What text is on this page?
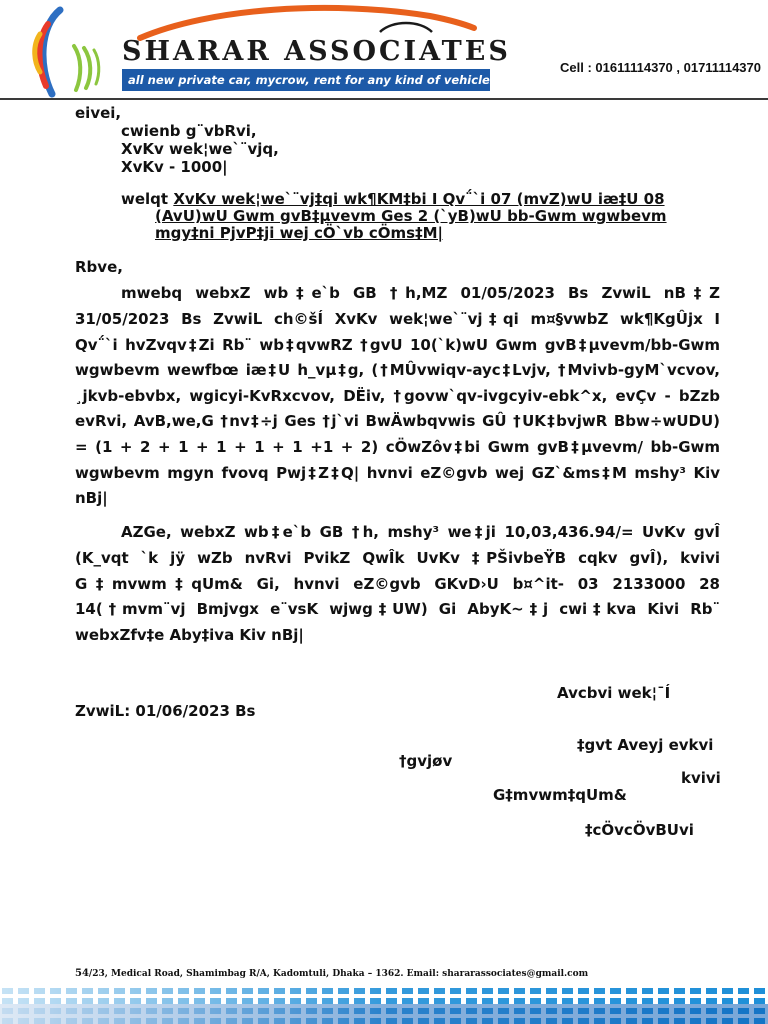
SHARAR ASSOCIATES
all new private car, mycrow, rent for any kind of vehicles available
Cell : 01611114370 , 01711114370
eivei,
cwienb g¨vbRvi,
XvKv wek¦we`¨vjq,
XvKv - 1000|
welqt XvKv wek¦we`¨vj‡qi wk¶KM‡bi I Qv΅`i 07 (mvZ)wU iæ‡U 08
(AvU)wU Gwm gvB‡µvevm Ges 2 (`yB)wU bb-Gwm wgwbevm
mgy‡ni PjvP‡ji wej cÖ`vb cÖms‡M|
Rbve,
mwebq webxZ wb‡e`b GB †h,MZ 01/05/2023 Bs ZvwiL nB‡Z
31/05/2023 Bs ZvwiL ch©šÍ XvKv wek¦we`¨vj‡qi m¤§vwbZ wk¶KgÛjx I
Qv΅`i hvZvqv‡Zi Rb¨ wb‡qvwRZ †gvU 10(`k)wU Gwm gvB‡µvevm/bb-Gwm
wgwbevm wewfbœ iæ‡U h_vµ‡g, (†MÛvwiqv-ayc‡Lvjv, †Mvivb-gyM`vcvov,
¸jkvb-ebvbx, wgicyi-KvRxcvov, DËiv, †govw`qv-ivgcyiv-ebk^x, evÇv - bZzb
evRvi, AvB,we,G †nv‡÷j Ges †j`vi BwÄwbqvwis GÛ †UK‡bvjwR Bbw÷wUDU)
= (1 + 2 + 1 + 1 + 1 + 1 +1 + 2) cÖwZôv‡bi Gwm gvB‡µvevm/ bb-Gwm
wgwbevm mgyn fvovq Pwj‡Z‡Q| hvnvi eZ©gvb wej GZ`&ms‡M mshy³ Kiv
nBj|
AZGe, webxZ wb‡e`b GB †h, mshy³ we‡ji 10,03,436.94/= UvKv gvÎ
(K_vqt `k jÿ wZb nvRvi PvikZ QwÎk UvKv ‡PŠivbeŸB cqkv gvÎ), kvivi
G‡mvwm‡qUm& Gi, hvnvi eZ©gvb GKvD›U b¤^it- 03 2133000 28
14(†mvm¨vj Bmjvgx e¨vsK wjwg‡UW) Gi AbyK~‡j cwi‡kva Kivi Rb¨
webxZfv‡e Aby‡iva Kiv nBj|
Avcbvi wek¦¯Í
ZvwiL: 01/06/2023 Bs
‡gvt Aveyj evkvi
†gvjøv
kvivi
G‡mvwm‡qUm&
‡cÖvcÖvBUvi
54/23, Medical Road, Shamimbag R/A, Kadomtuli, Dhaka – 1362. Email: shararassociates@gmail.com
